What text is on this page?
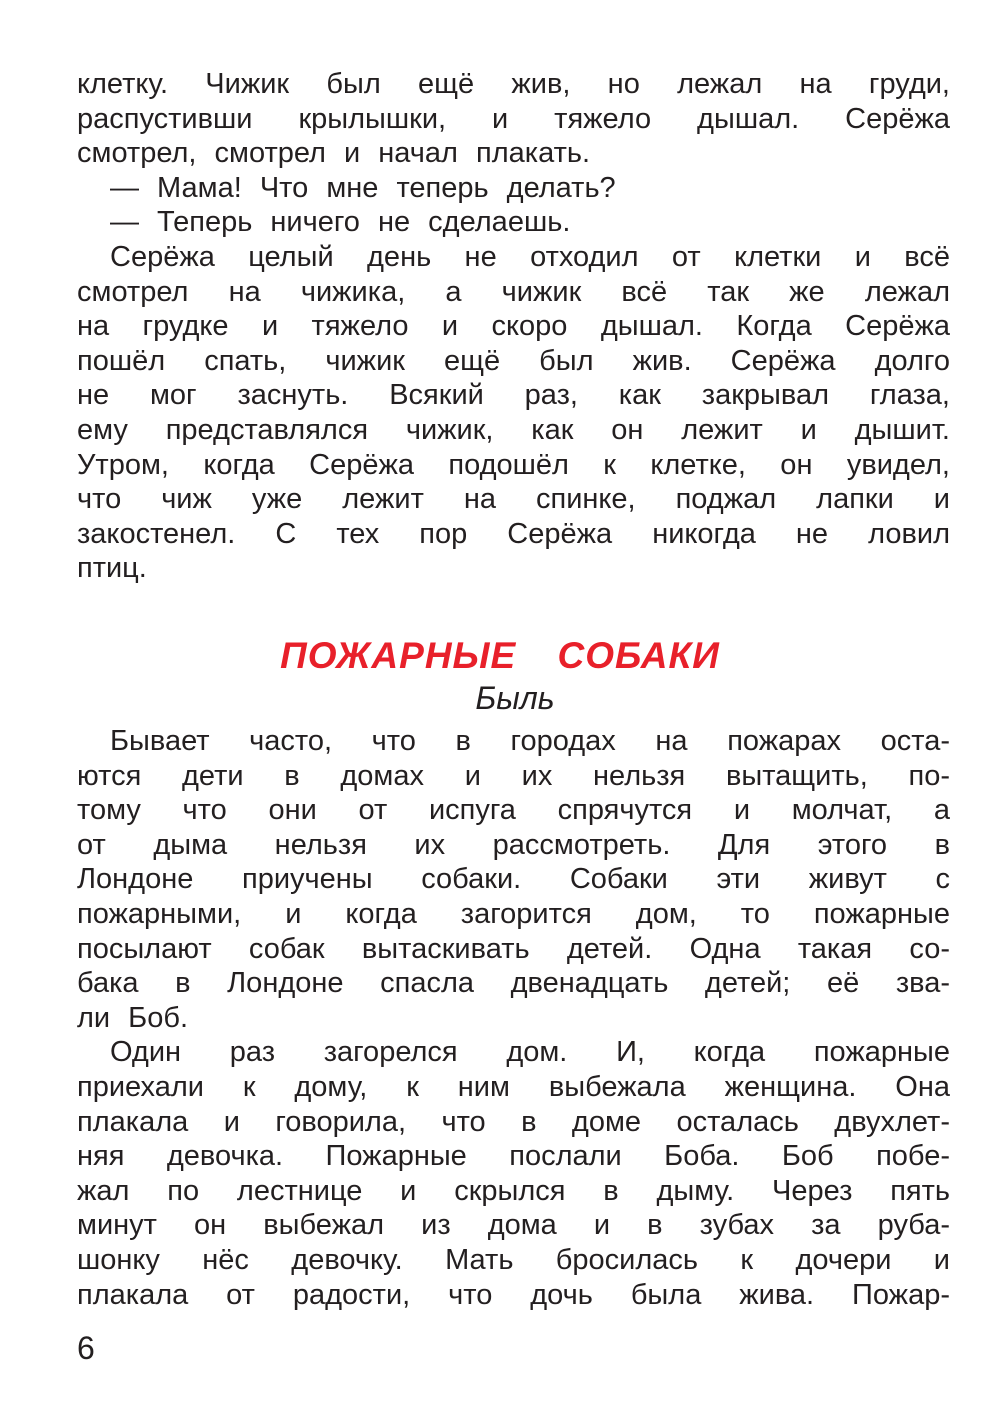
клетку. Чижик был ещё жив, но лежал на груди,
распустивши крылышки, и тяжело дышал. Серёжа
смотрел, смотрел и начал плакать.
— Мама! Что мне теперь делать?
— Теперь ничего не сделаешь.
Серёжа целый день не отходил от клетки и всё
смотрел на чижика, а чижик всё так же лежал
на грудке и тяжело и скоро дышал. Когда Серёжа
пошёл спать, чижик ещё был жив. Серёжа долго
не мог заснуть. Всякий раз, как закрывал глаза,
ему представлялся чижик, как он лежит и дышит.
Утром, когда Серёжа подошёл к клетке, он увидел,
что чиж уже лежит на спинке, поджал лапки и
закостенел. С тех пор Серёжа никогда не ловил
птиц.
ПОЖАРНЫЕ СОБАКИ
Быль
Бывает часто, что в городах на пожарах оста-
ются дети в домах и их нельзя вытащить, по-
тому что они от испуга спрячутся и молчат, а
от дыма нельзя их рассмотреть. Для этого в
Лондоне приучены собаки. Собаки эти живут с
пожарными, и когда загорится дом, то пожарные
посылают собак вытаскивать детей. Одна такая со-
бака в Лондоне спасла двенадцать детей; её зва-
ли Боб.
Один раз загорелся дом. И, когда пожарные
приехали к дому, к ним выбежала женщина. Она
плакала и говорила, что в доме осталась двухлет-
няя девочка. Пожарные послали Боба. Боб побе-
жал по лестнице и скрылся в дыму. Через пять
минут он выбежал из дома и в зубах за руба-
шонку нёс девочку. Мать бросилась к дочери и
плакала от радости, что дочь была жива. Пожар-
6
